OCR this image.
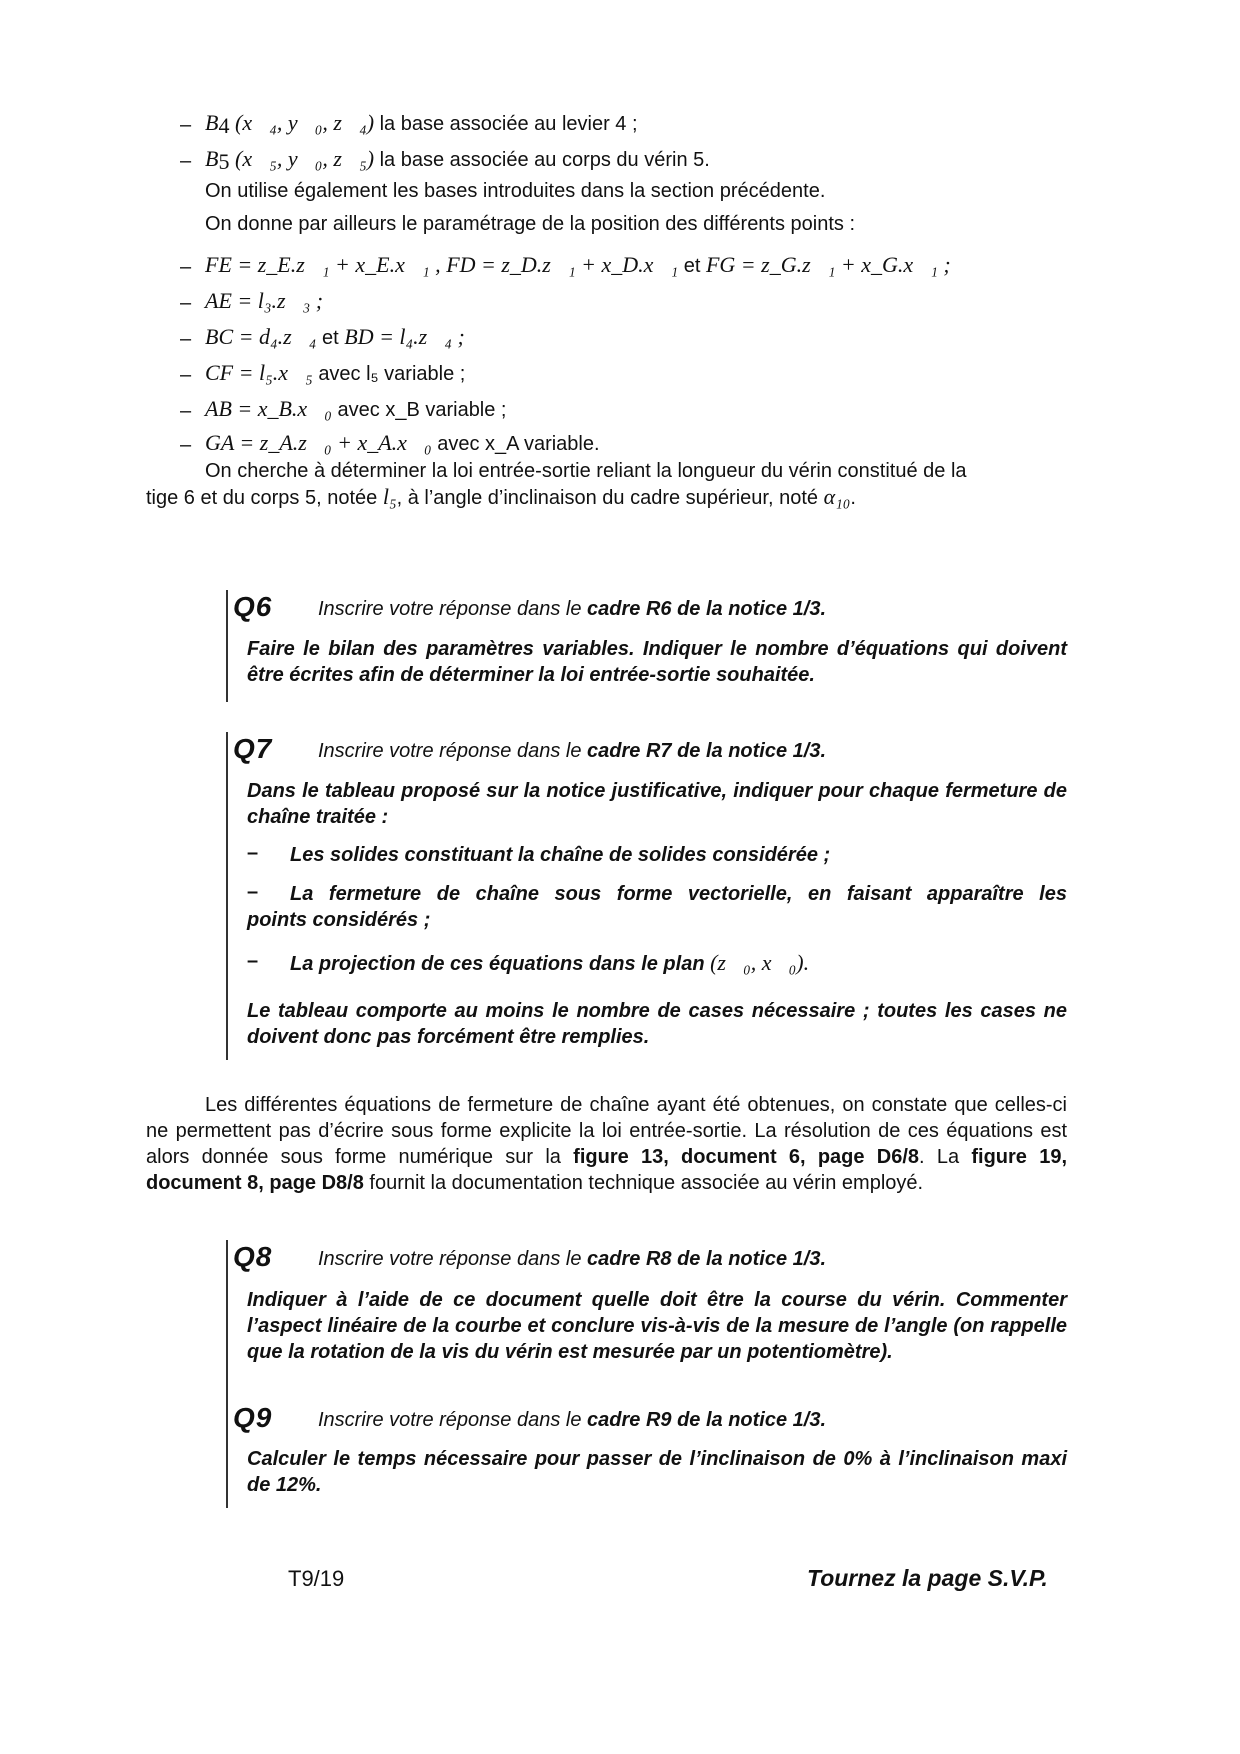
– $B_4$ (x⃗₄, y⃗₀, z⃗₄) la base associée au levier 4 ;
– $B_5$ (x⃗₅, y⃗₀, z⃗₅) la base associée au corps du vérin 5.
On utilise également les bases introduites dans la section précédente.
On donne par ailleurs le paramétrage de la position des différents points :
– FE = z_E.z⃗₁ + x_E.x⃗₁ , FD = z_D.z⃗₁ + x_D.x⃗₁ et FG = z_G.z⃗₁ + x_G.x⃗₁ ;
– AE = l₃.z⃗₃ ;
– BC = d₄.z⃗₄ et BD = l₄.z⃗₄ ;
– CF = l₅.x⃗₅ avec l₅ variable ;
– AB = x_B.x⃗₀ avec x_B variable ;
– GA = z_A.z⃗₀ + x_A.x⃗₀ avec x_A variable.
On cherche à déterminer la loi entrée-sortie reliant la longueur du vérin constitué de la
tige 6 et du corps 5, notée l₅, à l’angle d’inclinaison du cadre supérieur, noté α₁₀.
Q6 Inscrire votre réponse dans le cadre R6 de la notice 1/3.
Faire le bilan des paramètres variables. Indiquer le nombre d’équations qui doivent être écrites afin de déterminer la loi entrée-sortie souhaitée.
Q7 Inscrire votre réponse dans le cadre R7 de la notice 1/3.
Dans le tableau proposé sur la notice justificative, indiquer pour chaque fermeture de chaîne traitée :
– Les solides constituant la chaîne de solides considérée ;
– La fermeture de chaîne sous forme vectorielle, en faisant apparaître les
points considérés ;
– La projection de ces équations dans le plan (z⃗₀, x⃗₀).
Le tableau comporte au moins le nombre de cases nécessaire ; toutes les cases ne doivent donc pas forcément être remplies.
Les différentes équations de fermeture de chaîne ayant été obtenues, on constate que celles-ci ne permettent pas d’écrire sous forme explicite la loi entrée-sortie. La résolution de ces équations est alors donnée sous forme numérique sur la figure 13, document 6, page D6/8. La figure 19, document 8, page D8/8 fournit la documentation technique associée au vérin employé.
Q8 Inscrire votre réponse dans le cadre R8 de la notice 1/3.
Indiquer à l’aide de ce document quelle doit être la course du vérin. Commenter l’aspect linéaire de la courbe et conclure vis-à-vis de la mesure de l’angle (on rappelle que la rotation de la vis du vérin est mesurée par un potentiomètre).
Q9 Inscrire votre réponse dans le cadre R9 de la notice 1/3.
Calculer le temps nécessaire pour passer de l’inclinaison de 0% à l’inclinaison maxi de 12%.
T9/19	Tournez la page S.V.P.
